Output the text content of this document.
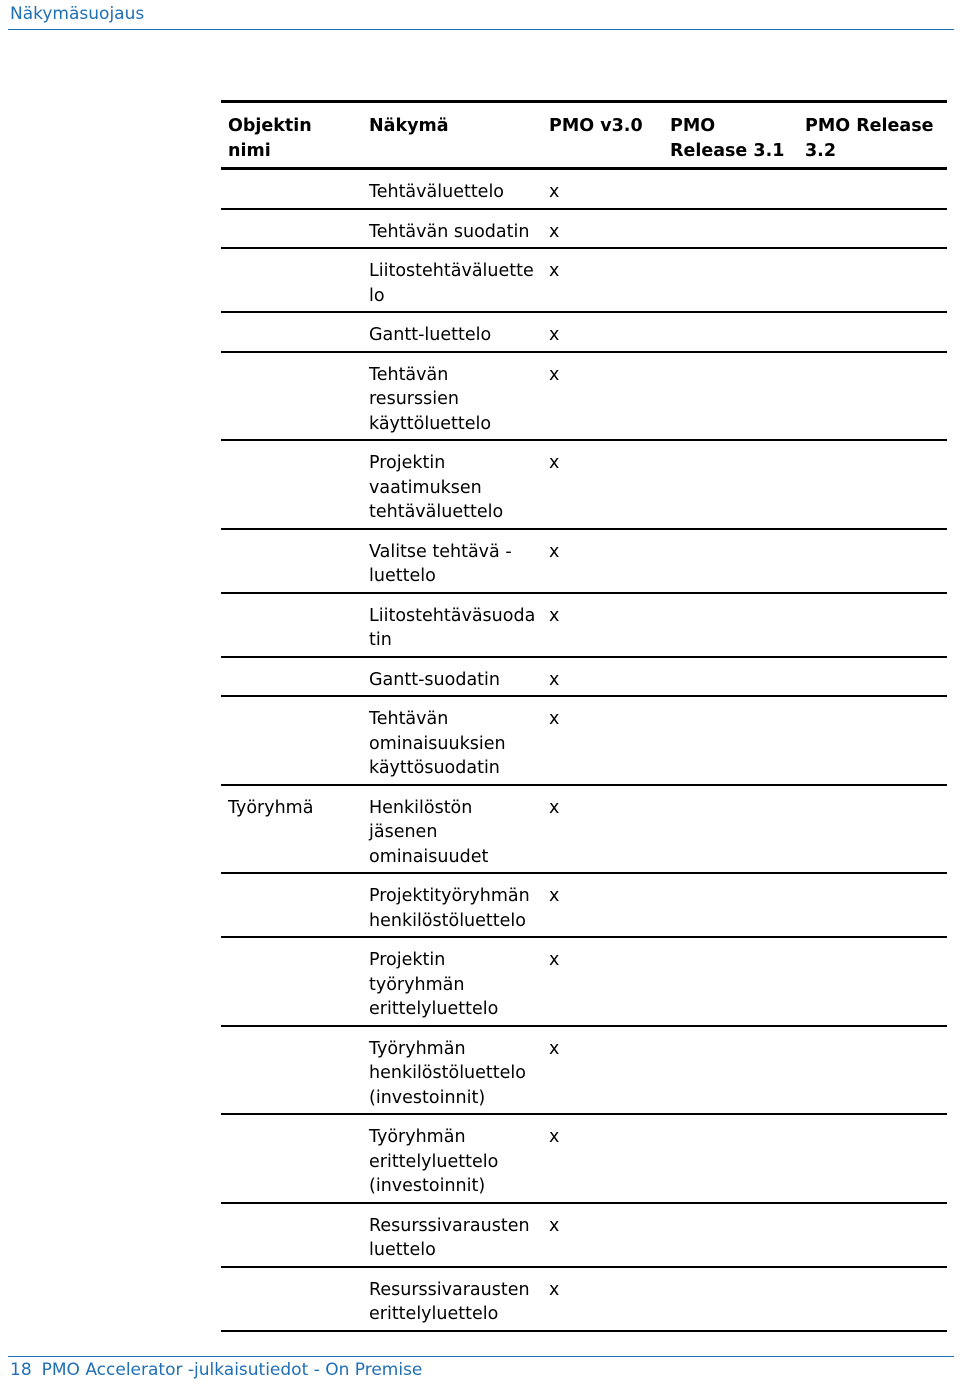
Näkymäsuojaus
Objektin nimi	Näkymä	PMO v3.0	PMO Release 3.1	PMO Release 3.2
	Tehtäväluettelo	x		
	Tehtävän suodatin	x		
	Liitostehtäväluettelo	x		
	Gantt-luettelo	x		
	Tehtävän resurssien käyttöluettelo	x		
	Projektin vaatimuksen tehtäväluettelo	x		
	Valitse tehtävä -luettelo	x		
	Liitostehtäväsuodatin	x		
	Gantt-suodatin	x		
	Tehtävän ominaisuuksien käyttösuodatin	x		
Työryhmä	Henkilöstön jäsenen ominaisuudet	x		
	Projektityöryhmän henkilöstöluettelo	x		
	Projektin työryhmän erittelyluettelo	x		
	Työryhmän henkilöstöluettelo (investoinnit)	x		
	Työryhmän erittelyluettelo (investoinnit)	x		
	Resurssivarausten luettelo	x		
	Resurssivarausten erittelyluettelo	x		
18 PMO Accelerator -julkaisutiedot - On Premise
